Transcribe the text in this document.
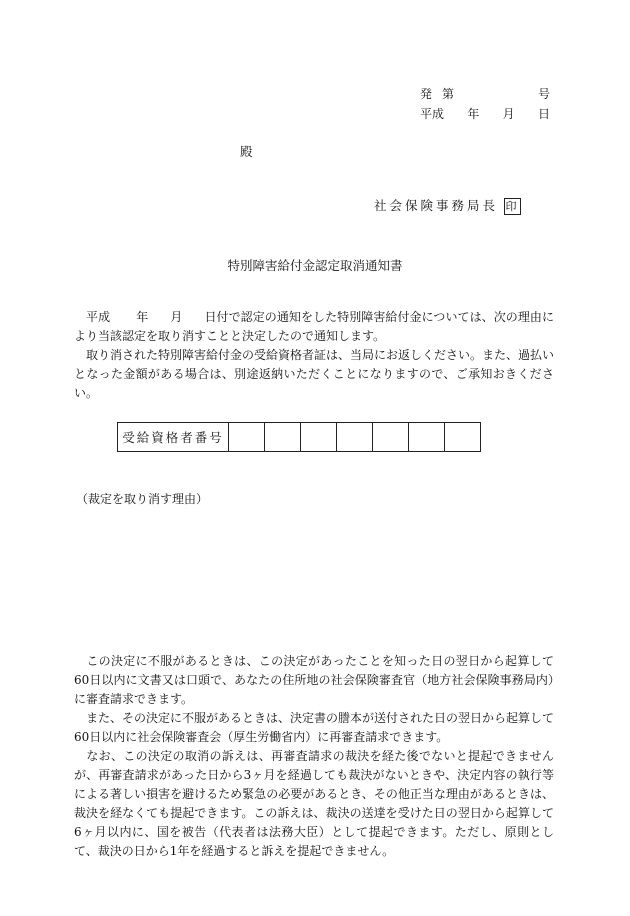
発 第	号
平成 年 月 日
殿
社会保険事務局長 印
特別障害給付金認定取消通知書
平成 年 月 日付で認定の通知をした特別障害給付金については、次の理由により当該認定を取り消すことと決定したので通知します。
取り消された特別障害給付金の受給資格者証は、当局にお返しください。また、過払いとなった金額がある場合は、別途返納いただくことになりますので、ご承知おきください。
受給資格者番号							
（裁定を取り消す理由）
この決定に不服があるときは、この決定があったことを知った日の翌日から起算して60日以内に文書又は口頭で、あなたの住所地の社会保険審査官（地方社会保険事務局内）に審査請求できます。
また、その決定に不服があるときは、決定書の謄本が送付された日の翌日から起算して60日以内に社会保険審査会（厚生労働省内）に再審査請求できます。
なお、この決定の取消の訴えは、再審査請求の裁決を経た後でないと提起できませんが、再審査請求があった日から3ヶ月を経過しても裁決がないときや、決定内容の執行等による著しい損害を避けるため緊急の必要があるとき、その他正当な理由があるときは、裁決を経なくても提起できます。この訴えは、裁決の送達を受けた日の翌日から起算して6ヶ月以内に、国を被告（代表者は法務大臣）として提起できます。ただし、原則として、裁決の日から1年を経過すると訴えを提起できません。
